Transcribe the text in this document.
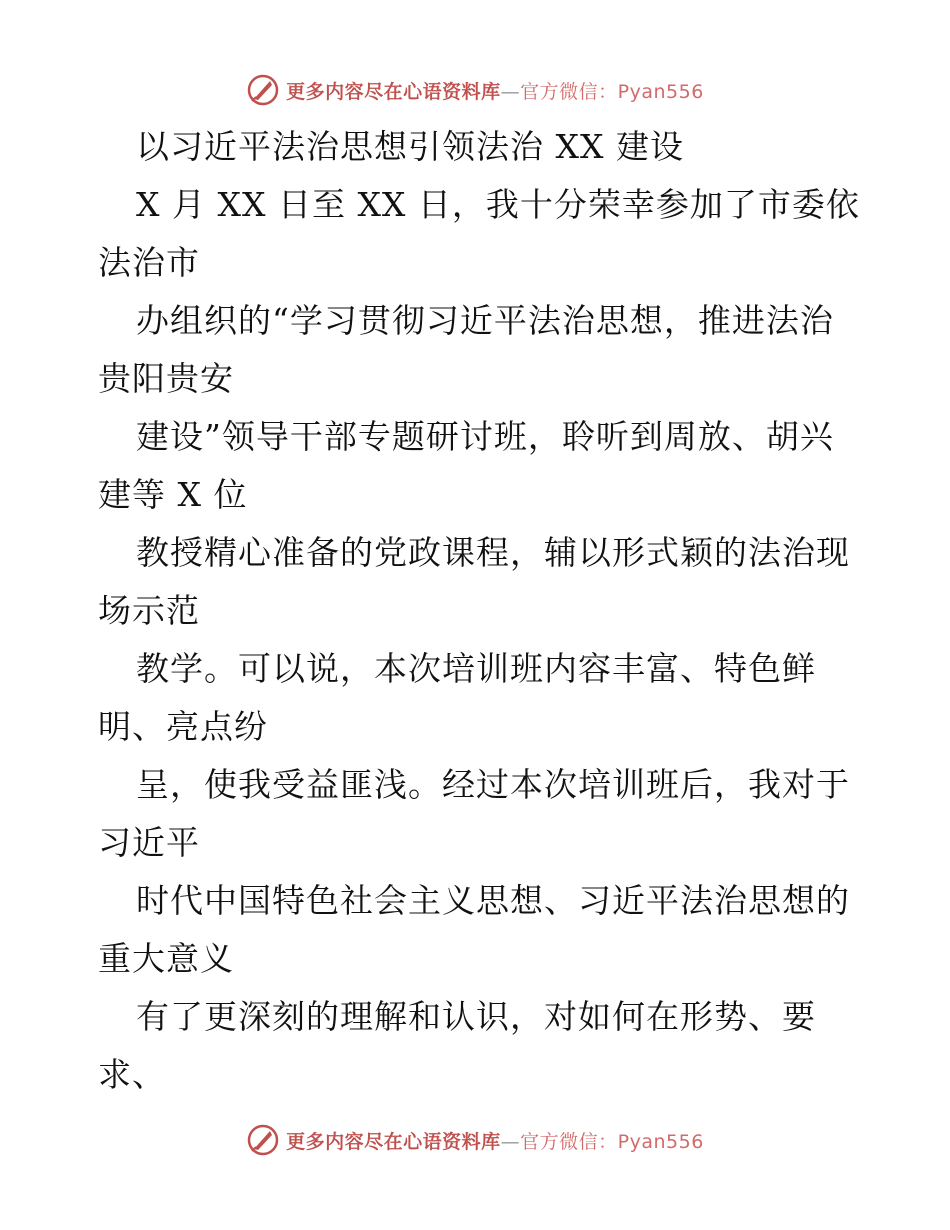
更多内容尽在心语资料库—官方微信：Pyan556
以习近平法治思想引领法治 XX 建设
X 月 XX 日至 XX 日，我十分荣幸参加了市委依
法治市
办组织的“学习贯彻习近平法治思想，推进法治
贵阳贵安
建设”领导干部专题研讨班，聆听到周放、胡兴
建等 X 位
教授精心准备的党政课程，辅以形式颖的法治现
场示范
教学。可以说，本次培训班内容丰富、特色鲜
明、亮点纷
呈，使我受益匪浅。经过本次培训班后，我对于
习近平
时代中国特色社会主义思想、习近平法治思想的
重大意义
有了更深刻的理解和认识，对如何在形势、要
求、
更多内容尽在心语资料库—官方微信：Pyan556
